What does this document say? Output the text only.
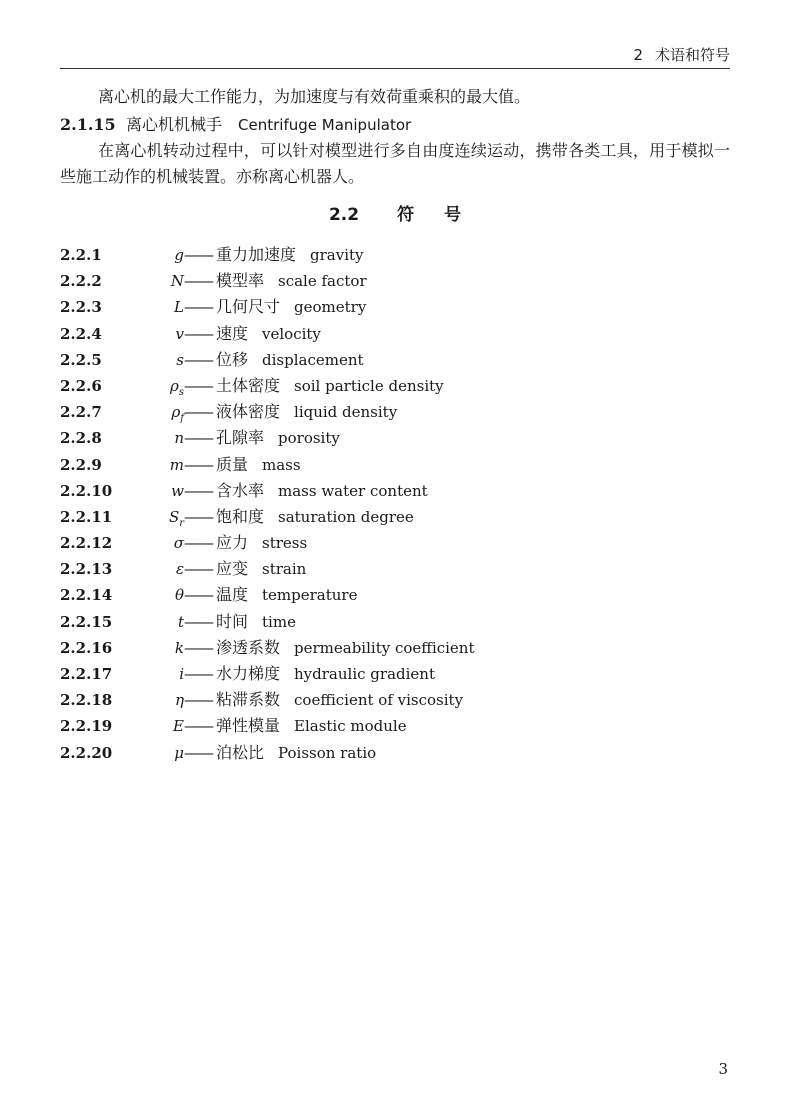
2 术语和符号

离心机的最大工作能力，为加速度与有效荷重乘积的最大值。

2.1.15 离心机机械手 Centrifuge Manipulator

在离心机转动过程中，可以针对模型进行多自由度连续运动，携带各类工具，用于模拟一些施工动作的机械装置。亦称离心机器人。

2.2 符 号
2.2.1	g—— 重力加速度 gravity
2.2.2	N—— 模型率 scale factor
2.2.3	L—— 几何尺寸 geometry
2.2.4	v—— 速度 velocity
2.2.5	s—— 位移 displacement
2.2.6	$\rho_s——$ 土体密度 soil particle density
2.2.7	$\rho_f——$ 液体密度 liquid density
2.2.8	n—— 孔隙率 porosity
2.2.9	m—— 质量 mass
2.2.10	w—— 含水率 mass water content
2.2.11	$S_r——$ 饱和度 saturation degree
2.2.12	σ—— 应力 stress
2.2.13	ε—— 应变 strain
2.2.14	θ—— 温度 temperature
2.2.15	t—— 时间 time
2.2.16	k—— 渗透系数 permeability coefficient
2.2.17	i—— 水力梯度 hydraulic gradient
2.2.18	η—— 粘滞系数 coefficient of viscosity
2.2.19	E—— 弹性模量 Elastic module
2.2.20	μ—— 泊松比 Poisson ratio
3
